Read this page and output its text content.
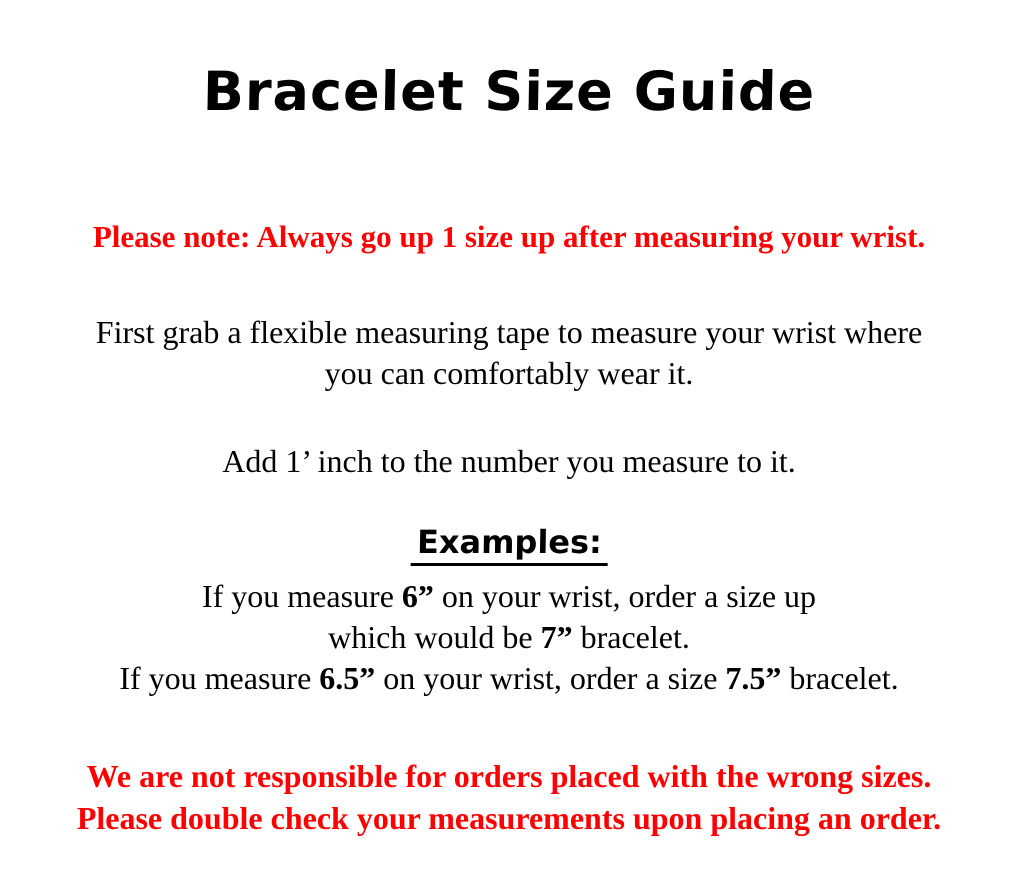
Bracelet Size Guide

Please note: Always go up 1 size up after measuring your wrist.

First grab a flexible measuring tape to measure your wrist where
you can comfortably wear it.

Add 1’ inch to the number you measure to it.

Examples:

If you measure 6” on your wrist, order a size up
which would be 7” bracelet.
If you measure 6.5” on your wrist, order a size 7.5” bracelet.

We are not responsible for orders placed with the wrong sizes.
Please double check your measurements upon placing an order.
